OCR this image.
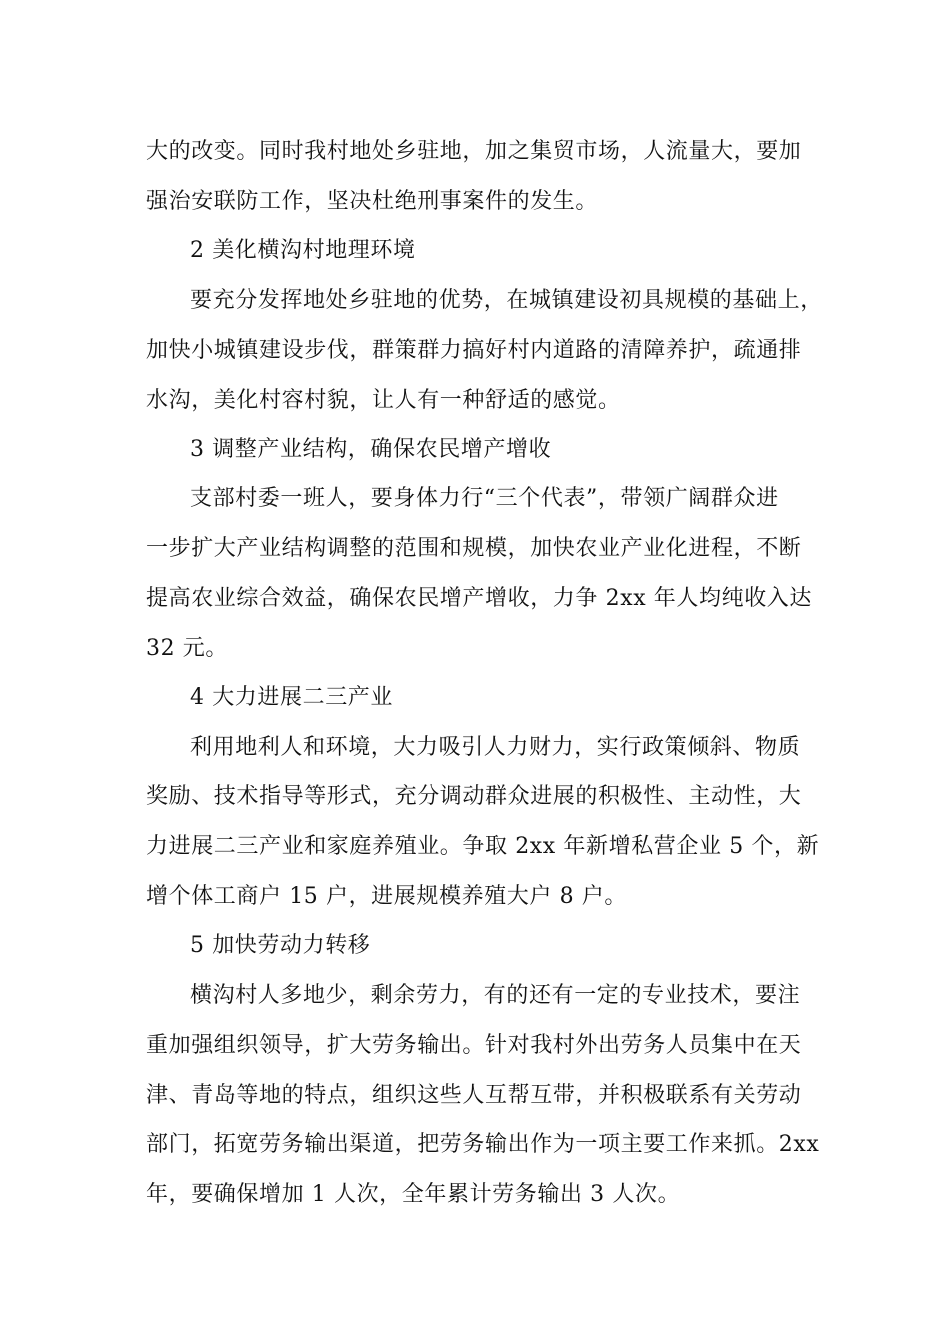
大的改变。同时我村地处乡驻地，加之集贸市场，人流量大，要加
强治安联防工作，坚决杜绝刑事案件的发生。
2 美化横沟村地理环境
要充分发挥地处乡驻地的优势，在城镇建设初具规模的基础上，
加快小城镇建设步伐，群策群力搞好村内道路的清障养护，疏通排
水沟，美化村容村貌，让人有一种舒适的感觉。
3 调整产业结构，确保农民增产增收
支部村委一班人，要身体力行“三个代表”，带领广阔群众进
一步扩大产业结构调整的范围和规模，加快农业产业化进程，不断
提高农业综合效益，确保农民增产增收，力争 2xx 年人均纯收入达
32 元。
4 大力进展二三产业
利用地利人和环境，大力吸引人力财力，实行政策倾斜、物质
奖励、技术指导等形式，充分调动群众进展的积极性、主动性，大
力进展二三产业和家庭养殖业。争取 2xx 年新增私营企业 5 个，新
增个体工商户 15 户，进展规模养殖大户 8 户。
5 加快劳动力转移
横沟村人多地少，剩余劳力，有的还有一定的专业技术，要注
重加强组织领导，扩大劳务输出。针对我村外出劳务人员集中在天
津、青岛等地的特点，组织这些人互帮互带，并积极联系有关劳动
部门，拓宽劳务输出渠道，把劳务输出作为一项主要工作来抓。2xx
年，要确保增加 1 人次，全年累计劳务输出 3 人次。
